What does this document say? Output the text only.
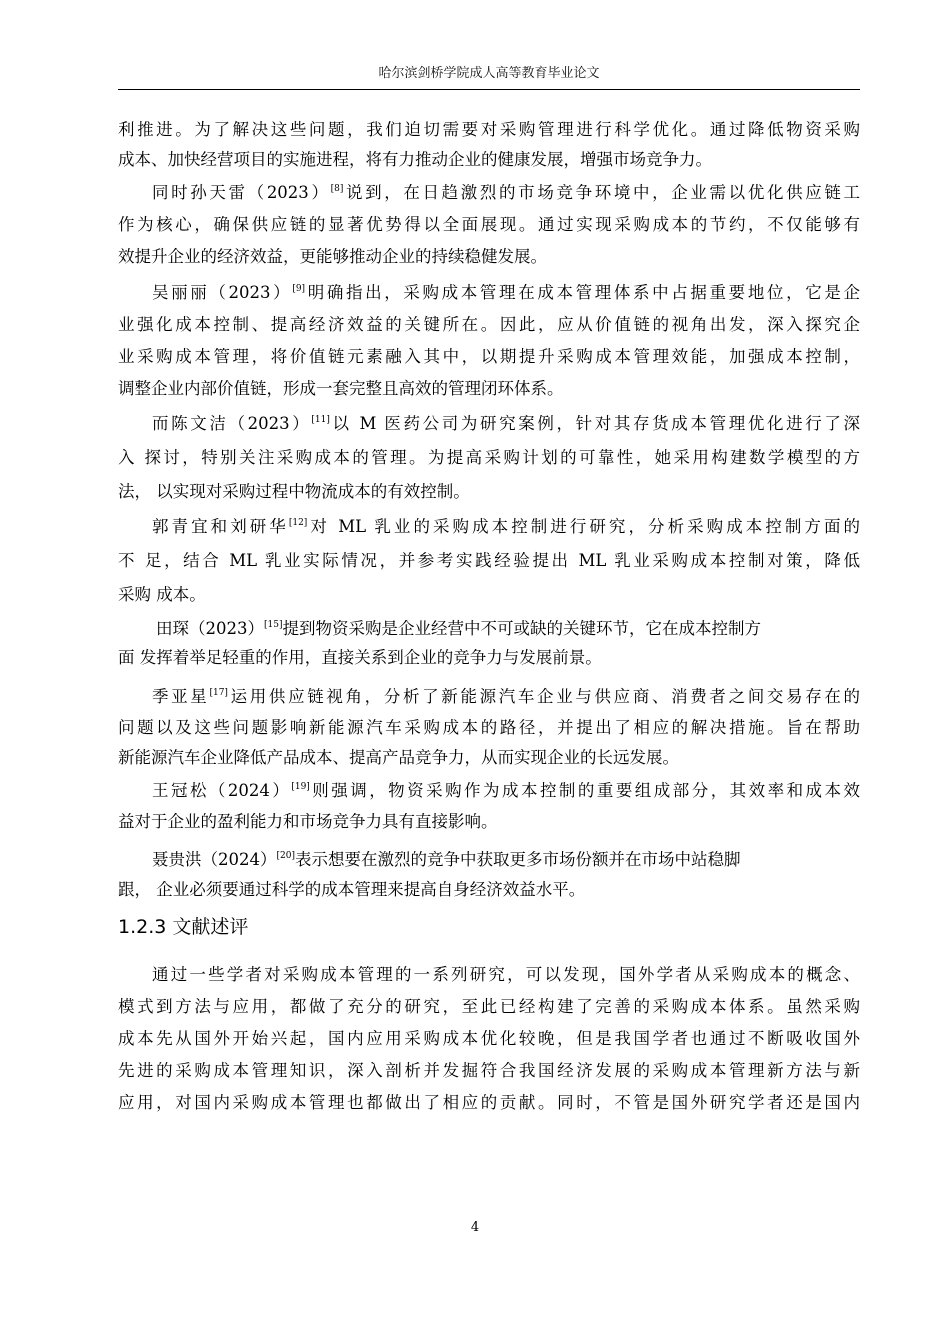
哈尔滨剑桥学院成人高等教育毕业论文
利推进。为了解决这些问题，我们迫切需要对采购管理进行科学优化。通过降低物资采购
成本、加快经营项目的实施进程，将有力推动企业的健康发展，增强市场竞争力。
同时孙天雷（2023）[8]说到，在日趋激烈的市场竞争环境中，企业需以优化供应链工
作为核心，确保供应链的显著优势得以全面展现。通过实现采购成本的节约，不仅能够有
效提升企业的经济效益，更能够推动企业的持续稳健发展。
吴丽丽（2023）[9]明确指出，采购成本管理在成本管理体系中占据重要地位，它是企
业强化成本控制、提高经济效益的关键所在。因此，应从价值链的视角出发，深入探究企
业采购成本管理，将价值链元素融入其中，以期提升采购成本管理效能，加强成本控制，
调整企业内部价值链，形成一套完整且高效的管理闭环体系。
而陈文洁（2023）[11]以 M 医药公司为研究案例，针对其存货成本管理优化进行了深
入 探讨，特别关注采购成本的管理。为提高采购计划的可靠性，她采用构建数学模型的方
法， 以实现对采购过程中物流成本的有效控制。
郭青宜和刘研华[12]对 ML 乳业的采购成本控制进行研究，分析采购成本控制方面的
不 足，结合 ML 乳业实际情况，并参考实践经验提出 ML 乳业采购成本控制对策，降低
采购 成本。
田琛（2023）[15]提到物资采购是企业经营中不可或缺的关键环节，它在成本控制方
面 发挥着举足轻重的作用，直接关系到企业的竞争力与发展前景。
季亚星[17]运用供应链视角，分析了新能源汽车企业与供应商、消费者之间交易存在的
问题以及这些问题影响新能源汽车采购成本的路径，并提出了相应的解决措施。旨在帮助
新能源汽车企业降低产品成本、提高产品竞争力，从而实现企业的长远发展。
王冠松（2024）[19]则强调，物资采购作为成本控制的重要组成部分，其效率和成本效
益对于企业的盈利能力和市场竞争力具有直接影响。
聂贵洪（2024）[20]表示想要在激烈的竞争中获取更多市场份额并在市场中站稳脚
跟， 企业必须要通过科学的成本管理来提高自身经济效益水平。
1.2.3 文献述评
通过一些学者对采购成本管理的一系列研究，可以发现，国外学者从采购成本的概念、
模式到方法与应用，都做了充分的研究，至此已经构建了完善的采购成本体系。虽然采购
成本先从国外开始兴起，国内应用采购成本优化较晚，但是我国学者也通过不断吸收国外
先进的采购成本管理知识，深入剖析并发掘符合我国经济发展的采购成本管理新方法与新
应用，对国内采购成本管理也都做出了相应的贡献。同时，不管是国外研究学者还是国内
4
